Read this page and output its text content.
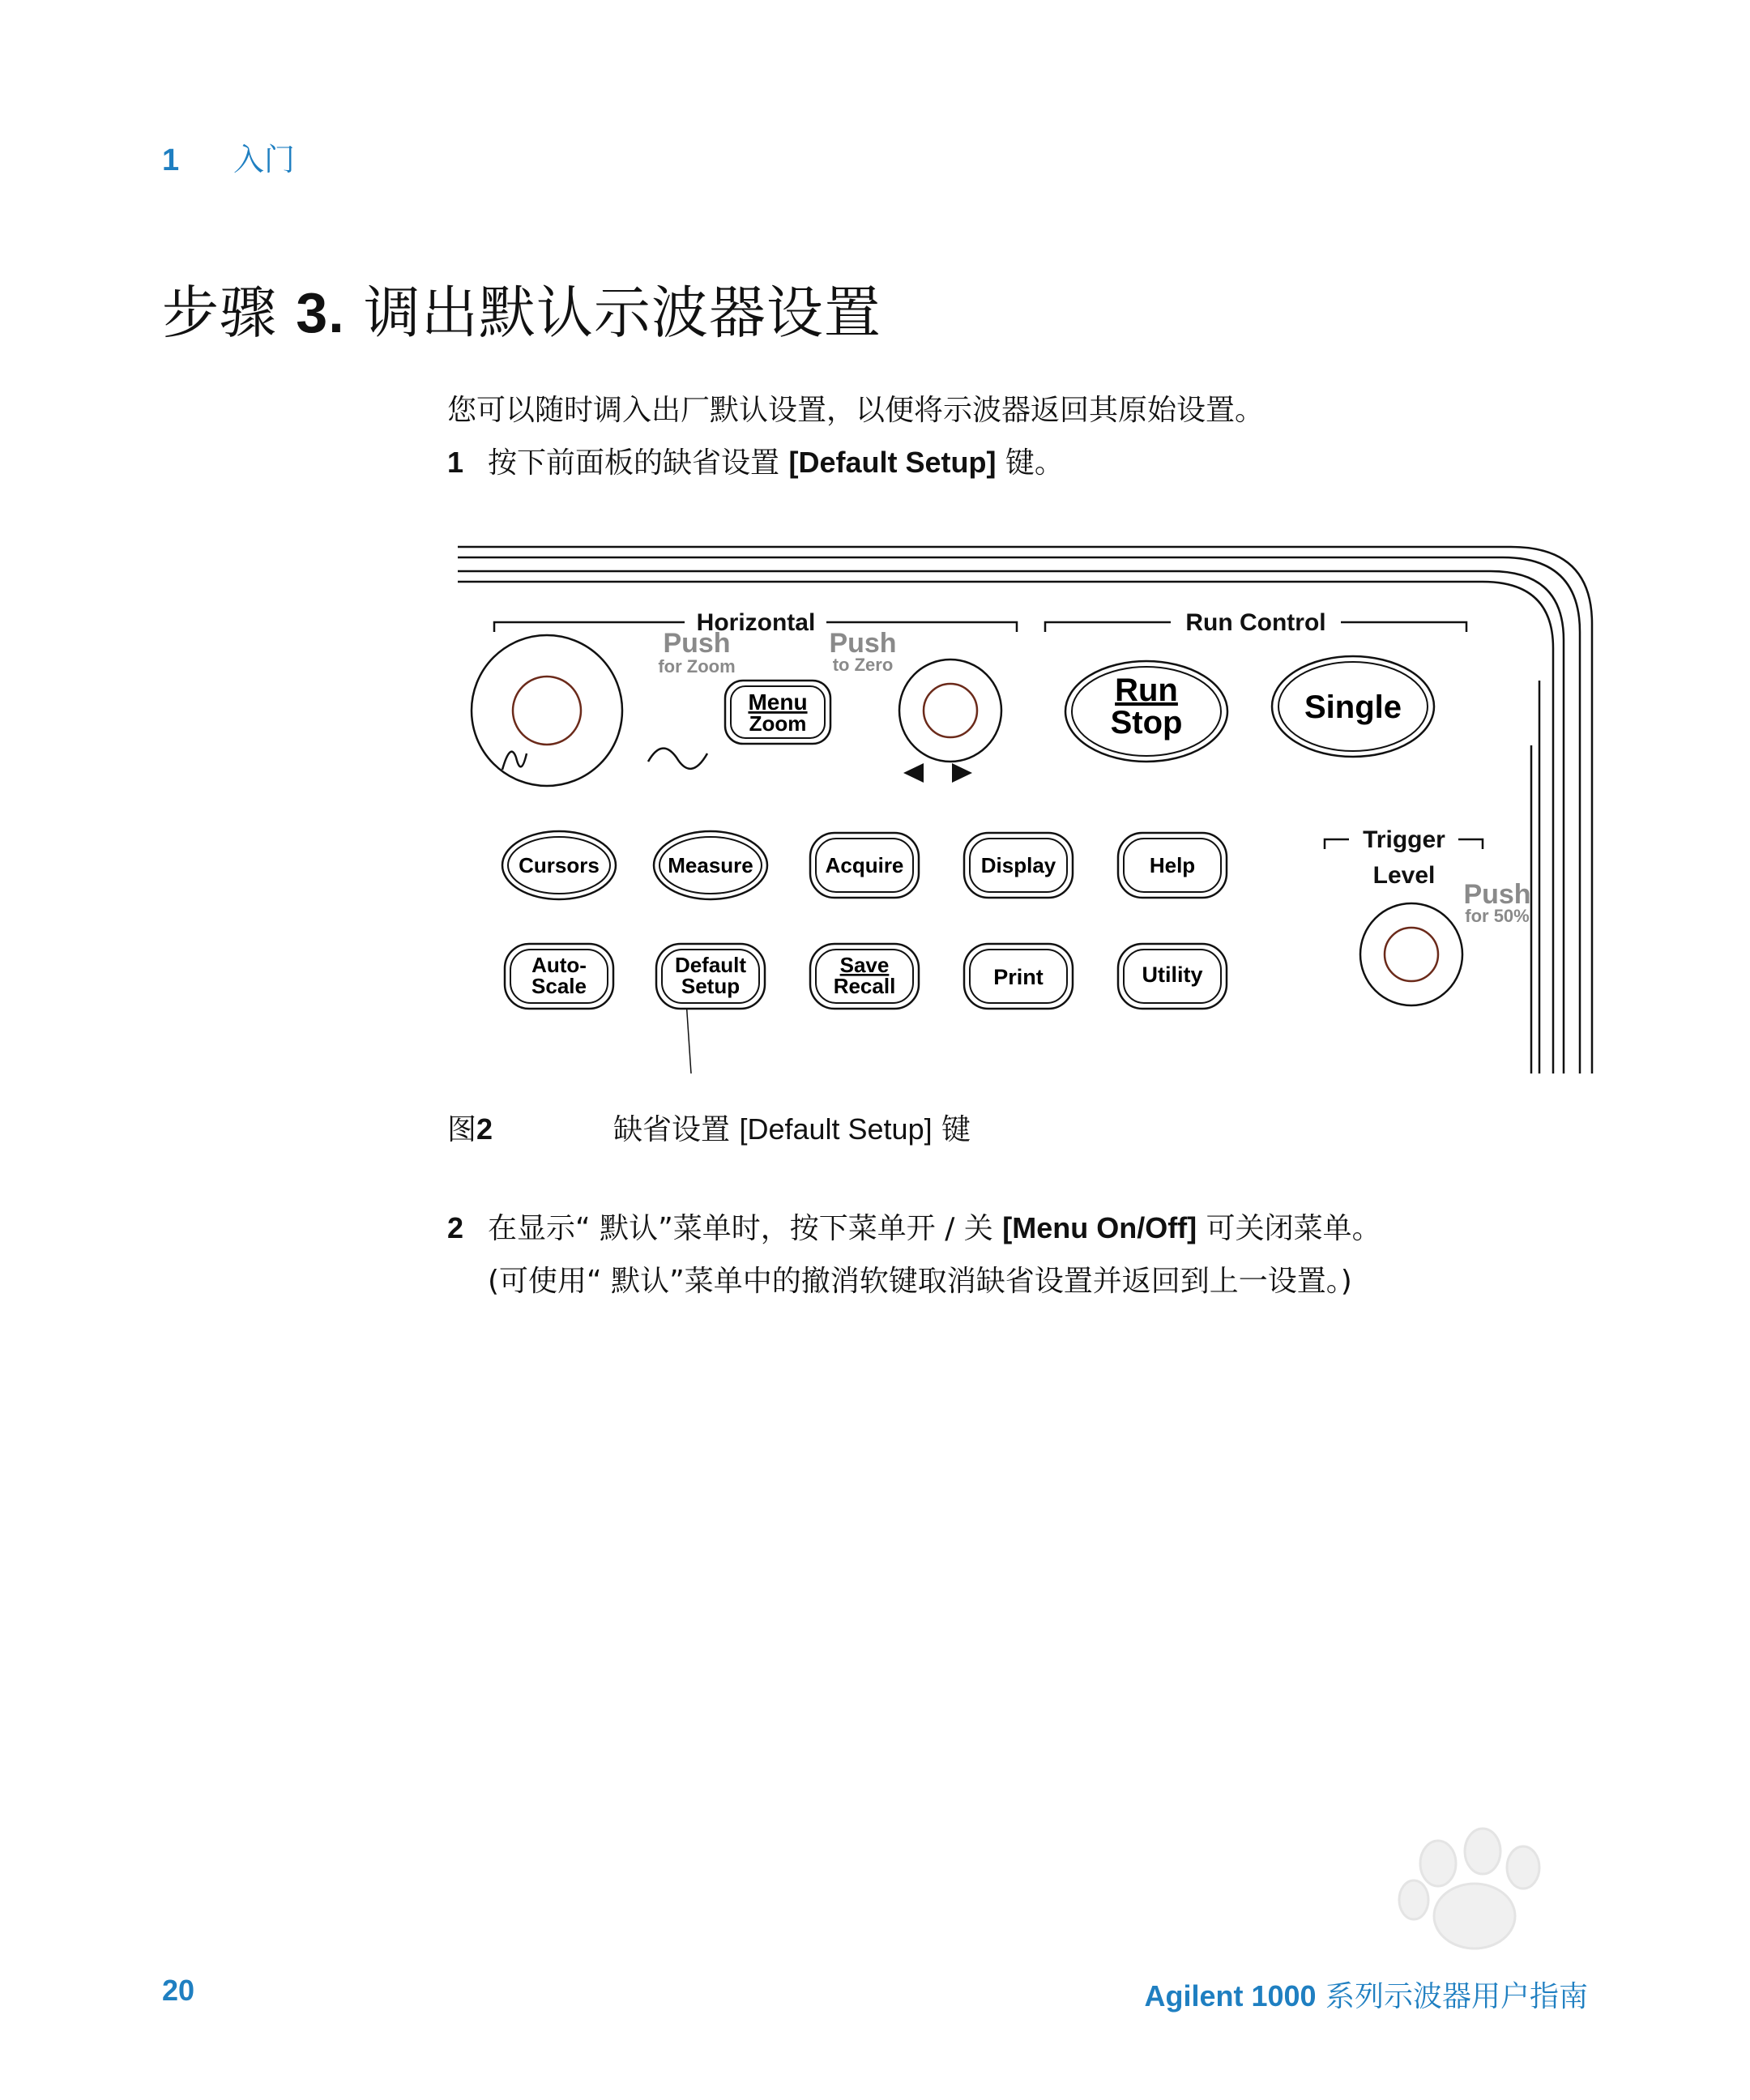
1 入门
步骤 3. 调出默认示波器设置
您可以随时调入出厂默认设置，以便将示波器返回其原始设置。
1 按下前面板的缺省设置 [Default Setup] 键。
Menu
Zoom
Run
Stop	Single
Cursors	Measure	Acquire	Display	Help
Auto-
Scale
Default
Setup
Save
Recall	Print	Utility
Horizontal	Run Control
Push
for Zoom
Push
to Zero
Trigger
Level
Push
for 50%
图2	缺省设置 [Default Setup] 键
2 在显示“ 默认”菜单时，按下菜单开 / 关 [Menu On/Off] 可关闭菜单。
(可使用“ 默认”菜单中的撤消软键取消缺省设置并返回到上一设置。)
20	Agilent 1000 系列示波器用户指南
